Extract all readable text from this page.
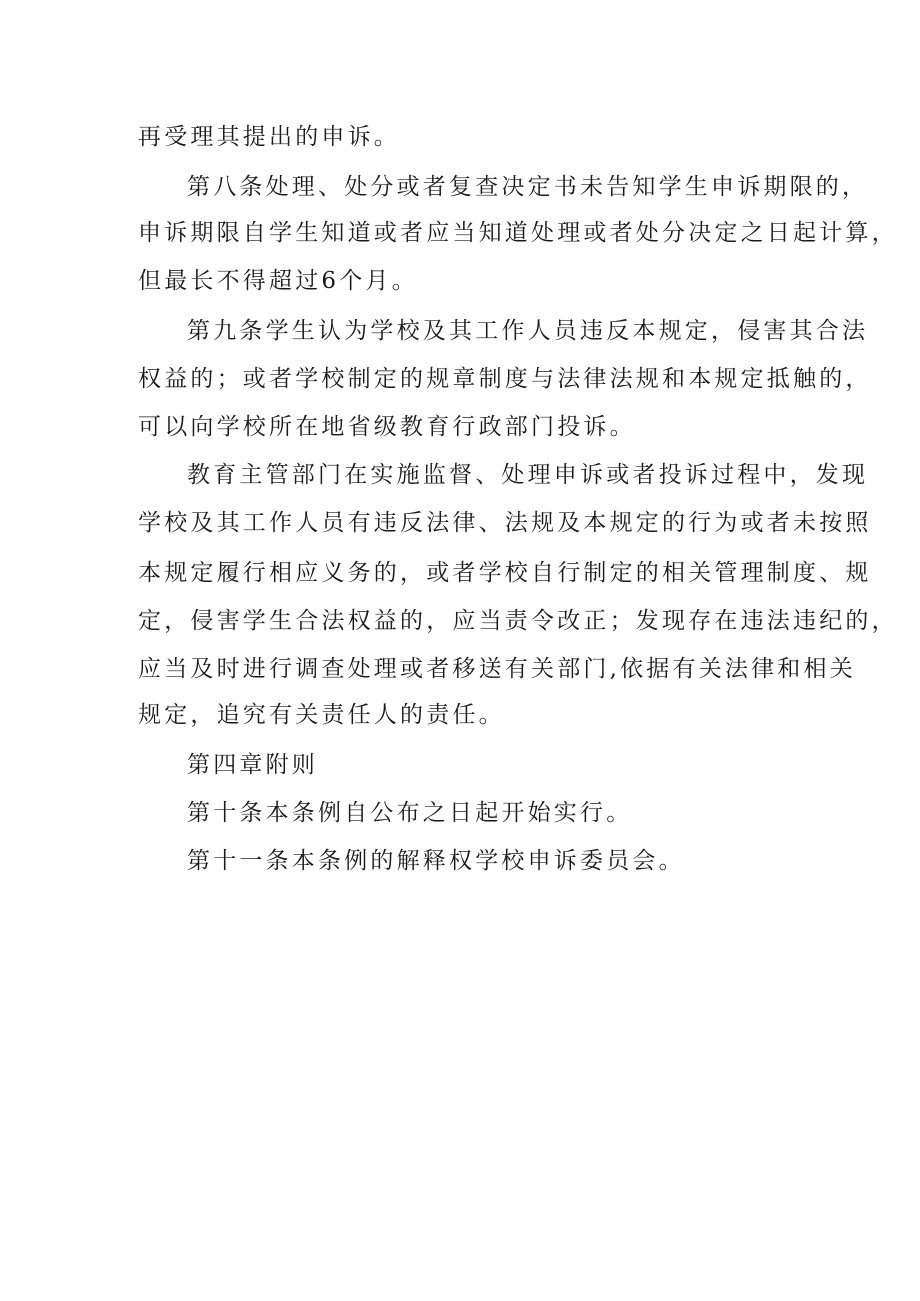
再受理其提出的申诉。
第八条处理、处分或者复查决定书未告知学生申诉期限的，
申诉期限自学生知道或者应当知道处理或者处分决定之日起计算，
但最长不得超过6个月。
第九条学生认为学校及其工作人员违反本规定，侵害其合法
权益的；或者学校制定的规章制度与法律法规和本规定抵触的，
可以向学校所在地省级教育行政部门投诉。
教育主管部门在实施监督、处理申诉或者投诉过程中，发现
学校及其工作人员有违反法律、法规及本规定的行为或者未按照
本规定履行相应义务的，或者学校自行制定的相关管理制度、规
定，侵害学生合法权益的，应当责令改正；发现存在违法违纪的，
应当及时进行调查处理或者移送有关部门,依据有关法律和相关
规定，追究有关责任人的责任。
第四章附则
第十条本条例自公布之日起开始实行。
第十一条本条例的解释权学校申诉委员会。
